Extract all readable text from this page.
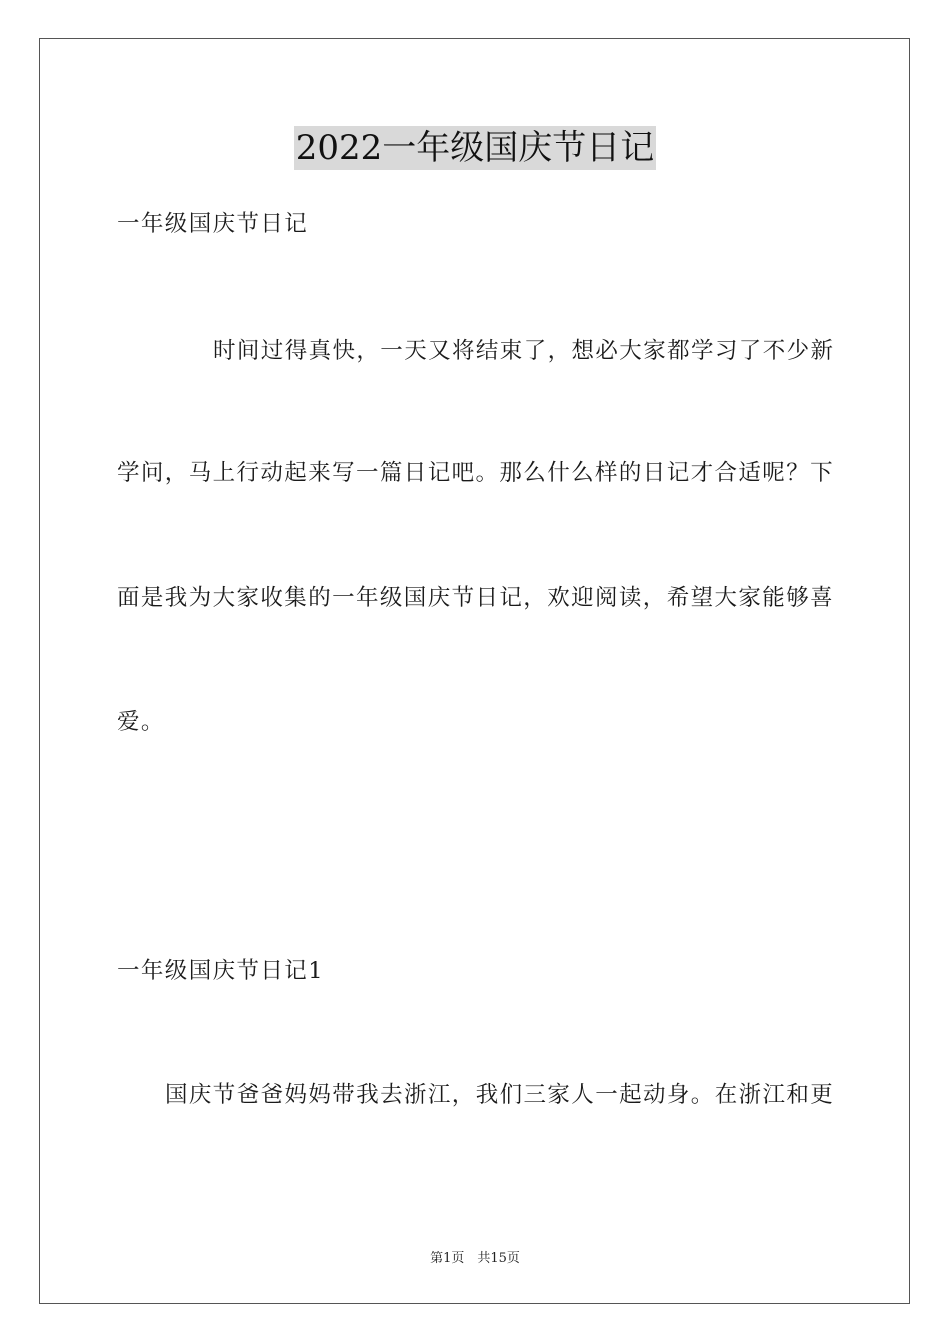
2022一年级国庆节日记
一年级国庆节日记
时间过得真快，一天又将结束了，想必大家都学习了不少新
学问，马上行动起来写一篇日记吧。那么什么样的日记才合适呢？下
面是我为大家收集的一年级国庆节日记，欢迎阅读，希望大家能够喜
爱。
一年级国庆节日记1
国庆节爸爸妈妈带我去浙江，我们三家人一起动身。在浙江和更
第1页　共15页
